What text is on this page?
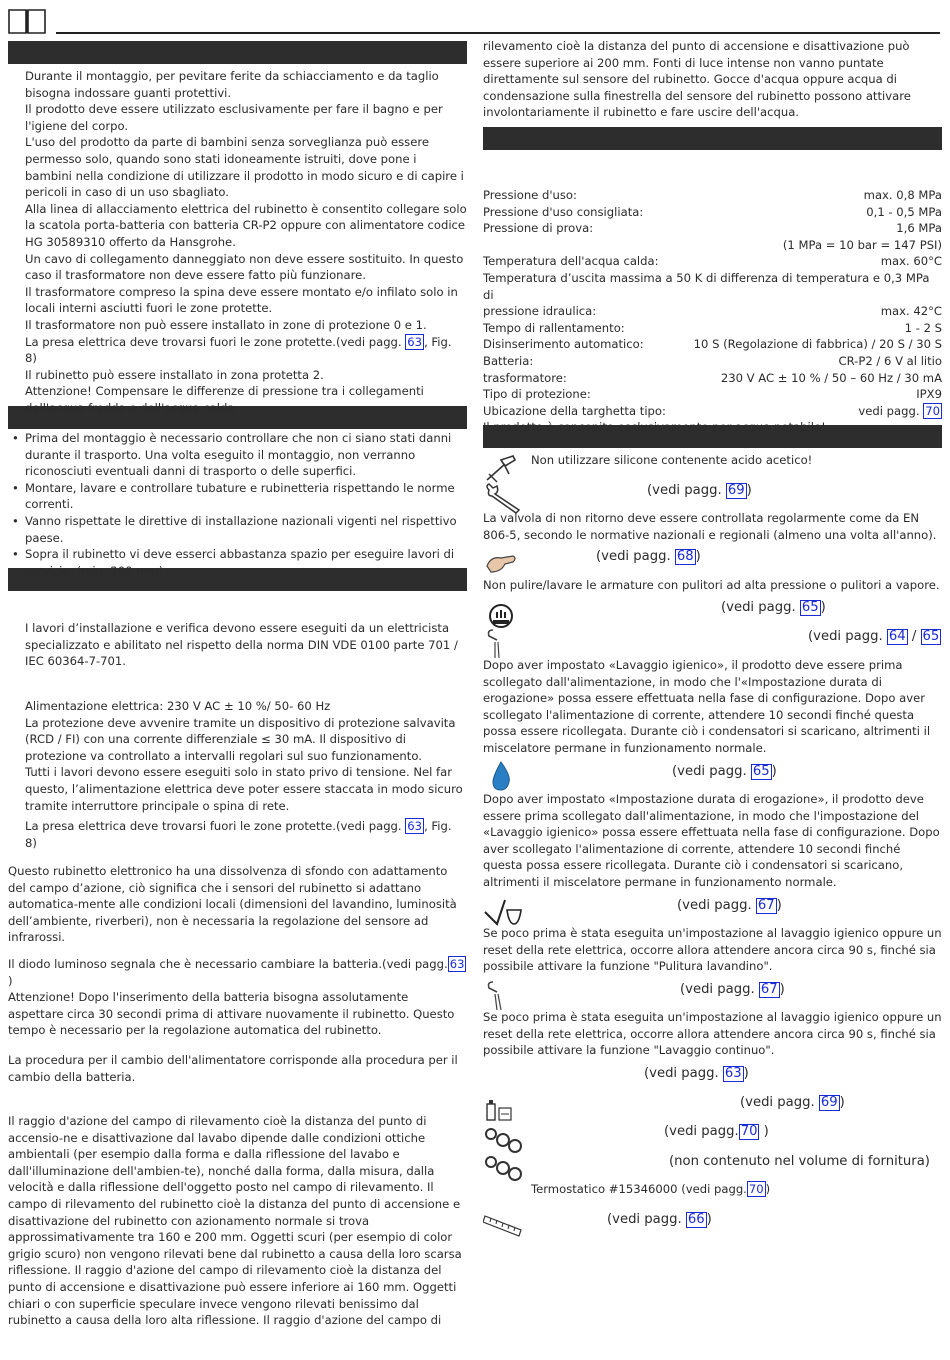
Durante il montaggio, per pevitare ferite da schiacciamento e da taglio bisogna indossare guanti protettivi.
Il prodotto deve essere utilizzato esclusivamente per fare il bagno e per l'igiene del corpo.
L'uso del prodotto da parte di bambini senza sorveglianza può essere permesso solo, quando sono stati idoneamente istruiti, dove pone i bambini nella condizione di utilizzare il prodotto in modo sicuro e di capire i pericoli in caso di un uso sbagliato.
Alla linea di allacciamento elettrica del rubinetto è consentito collegare solo la scatola porta-batteria con batteria CR-P2 oppure con alimentatore codice HG 30589310 offerto da Hansgrohe.
Un cavo di collegamento danneggiato non deve essere sostituito. In questo caso il trasformatore non deve essere fatto più funzionare.
Il trasformatore compreso la spina deve essere montato e/o infilato solo in locali interni asciutti fuori le zone protette.
Il trasformatore non può essere installato in zone di protezione 0 e 1.
La presa elettrica deve trovarsi fuori le zone protette.(vedi pagg. 63 , Fig. 8)
Il rubinetto può essere installato in zona protetta 2.
Attenzione! Compensare le differenze di pressione tra i collegamenti dell'acqua fredda e dell'acqua calda.
• Prima del montaggio è necessario controllare che non ci siano stati danni durante il trasporto. Una volta eseguito il montaggio, non verranno riconosciuti eventuali danni di trasporto o delle superfici.
• Montare, lavare e controllare tubature e rubinetteria rispettando le norme correnti.
• Vanno rispettate le direttive di installazione nazionali vigenti nel rispettivo paese.
• Sopra il rubinetto vi deve esserci abbastanza spazio per eseguire lavori di servizio. (min. 200 mm)
I lavori d’installazione e verifica devono essere eseguiti da un elettricista specializzato e abilitato nel rispetto della norma DIN VDE 0100 parte 701 / IEC 60364-7-701.
Alimentazione elettrica: 230 V AC ± 10 %/ 50- 60 Hz
La protezione deve avvenire tramite un dispositivo di protezione salvavita (RCD / FI) con una corrente differenziale ≤ 30 mA. Il dispositivo di protezione va controllato a intervalli regolari sul suo funzionamento.
Tutti i lavori devono essere eseguiti solo in stato privo di tensione. Nel far questo, l’alimentazione elettrica deve poter essere staccata in modo sicuro tramite interruttore principale o spina di rete.
La presa elettrica deve trovarsi fuori le zone protette.(vedi pagg. 63 , Fig. 8)
Questo rubinetto elettronico ha una dissolvenza di sfondo con adattamento del campo d’azione, ciò significa che i sensori del rubinetto si adattano automatica-mente alle condizioni locali (dimensioni del lavandino, luminosità dell’ambiente, riverberi), non è necessaria la regolazione del sensore ad infrarossi.
Il diodo luminoso segnala che è necessario cambiare la batteria.(vedi pagg. 63)
Attenzione! Dopo l'inserimento della batteria bisogna assolutamente aspettare circa 30 secondi prima di attivare nuovamente il rubinetto. Questo tempo è necessario per la regolazione automatica del rubinetto.
La procedura per il cambio dell'alimentatore corrisponde alla procedura per il cambio della batteria.
Il raggio d'azione del campo di rilevamento cioè la distanza del punto di accensio-ne e disattivazione dal lavabo dipende dalle condizioni ottiche ambientali (per esempio dalla forma e dalla riflessione del lavabo e dall'illuminazione dell'ambien-te), nonché dalla forma, dalla misura, dalla velocità e dalla riflessione dell'oggetto posto nel campo di rilevamento. Il campo di rilevamento del rubinetto cioè la distanza del punto di accensione e disattivazione del rubinetto con azionamento normale si trova approssimativamente tra 160 e 200 mm. Oggetti scuri (per esempio di color grigio scuro) non vengono rilevati bene dal rubinetto a causa della loro scarsa riflessione. Il raggio d'azione del campo di rilevamento cioè la distanza del punto di accensione e disattivazione può essere inferiore ai 160 mm. Oggetti chiari o con superficie speculare invece vengono rilevati benissimo dal rubinetto a causa della loro alta riflessione. Il raggio d'azione del campo di
rilevamento cioè la distanza del punto di accensione e disattivazione può essere superiore ai 200 mm. Fonti di luce intense non vanno puntate direttamente sul sensore del rubinetto. Gocce d'acqua oppure acqua di condensazione sulla finestrella del sensore del rubinetto possono attivare involontariamente il rubinetto e fare uscire dell'acqua.
Pressione d'uso:	max. 0,8 MPa
Pressione d'uso consigliata:	0,1 - 0,5 MPa
Pressione di prova:	1,6 MPa
(1 MPa = 10 bar = 147 PSI)
Temperatura dell'acqua calda:	max. 60°C
Temperatura d’uscita massima a 50 K di differenza di temperatura e 0,3 MPa di
pressione idraulica:	max. 42°C
Tempo di rallentamento:	1 - 2 S
Disinserimento automatico:	10 S (Regolazione di fabbrica) / 20 S / 30 S
Batteria:	CR-P2 / 6 V al litio
trasformatore:	230 V AC ± 10 % / 50 – 60 Hz / 30 mA
Tipo di protezione:	IPX9
Ubicazione della targhetta tipo:	vedi pagg. 70
Il prodotto è concepito esclusivamente per acqua potabile!
Non utilizzare silicone contenente acido acetico!
(vedi pagg. 69 )
La valvola di non ritorno deve essere controllata regolarmente come da EN 806-5, secondo le normative nazionali e regionali (almeno una volta all'anno).
(vedi pagg. 68 )
Non pulire/lavare le armature con pulitori ad alta pressione o pulitori a vapore.
(vedi pagg. 65 )
(vedi pagg. 64 / 65
Dopo aver impostato «Lavaggio igienico», il prodotto deve essere prima scollegato dall'alimentazione, in modo che l'«Impostazione durata di erogazione» possa essere effettuata nella fase di configurazione. Dopo aver scollegato l'alimentazione di corrente, attendere 10 secondi finché questa possa essere ricollegata. Durante ciò i condensatori si scaricano, altrimenti il miscelatore permane in funzionamento normale.
(vedi pagg. 65 )
Dopo aver impostato «Impostazione durata di erogazione», il prodotto deve essere prima scollegato dall'alimentazione, in modo che l'impostazione del «Lavaggio igienico» possa essere effettuata nella fase di configurazione. Dopo aver scollegato l'alimentazione di corrente, attendere 10 secondi finché questa possa essere ricollegata. Durante ciò i condensatori si scaricano, altrimenti il miscelatore permane in funzionamento normale.
(vedi pagg. 67 )
Se poco prima è stata eseguita un'impostazione al lavaggio igienico oppure un reset della rete elettrica, occorre allora attendere ancora circa 90 s, finché sia possibile attivare la funzione "Pulitura lavandino".
(vedi pagg. 67 )
Se poco prima è stata eseguita un'impostazione al lavaggio igienico oppure un reset della rete elettrica, occorre allora attendere ancora circa 90 s, finché sia possibile attivare la funzione "Lavaggio continuo".
(vedi pagg. 63 )
(vedi pagg. 69 )
(vedi pagg. 70 )
(non contenuto nel volume di fornitura)
Termostatico #15346000 (vedi pagg. 70 )
(vedi pagg. 66 )
